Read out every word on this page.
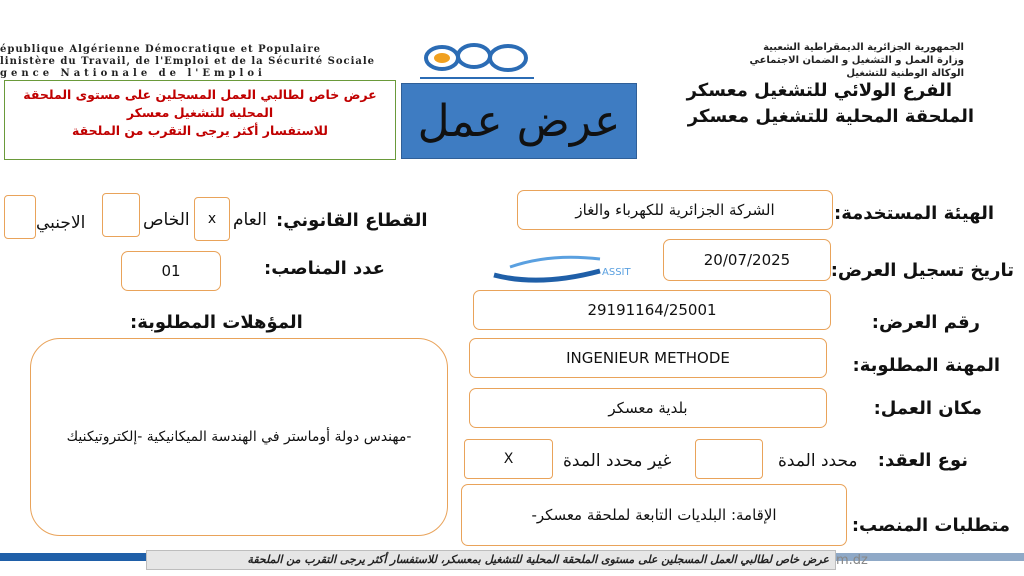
épublique Algérienne Démocratique et Populaire
linistère du Travail, de l'Emploi et de la Sécurité Sociale
gence Nationale de l'Emploi
الجمهورية الجزائرية الديمقراطية الشعبية
وزارة العمل و التشغيل و الضمان الاجتماعي
الوكالة الوطنية للتشغيل
عرض خاص لطالبي العمل المسجلين على مستوى الملحقة
المحلية للتشغيل معسكر
للاستفسار أكثر يرجى التقرب من الملحقة	عرض عمل
الفرع الولائي للتشغيل معسكر
الملحقة المحلية للتشغيل معسكر
الهيئة المستخدمة:
الشركة الجزائرية للكهرباء والغاز
تاريخ تسجيل العرض:
20/07/2025
ASSIT
رقم العرض:
29191164/25001
المهنة المطلوبة:
INGENIEUR METHODE
مكان العمل:
بلدية معسكر
نوع العقد:
محدد المدة
غير محدد المدة
X
متطلبات المنصب:
الإقامة: البلديات التابعة لملحقة معسكر-
القطاع القانوني:
العام
x
الخاص
الاجنبي
عدد المناصب:
01
المؤهلات المطلوبة:
-مهندس دولة أوماستر في الهندسة الميكانيكية -إلكتروتيكنيك
عرض خاص لطالبي العمل المسجلين على مستوى الملحقة المحلية للتشغيل بمعسكر، للاستفسار أكثر يرجى التقرب من الملحقة m.dz
